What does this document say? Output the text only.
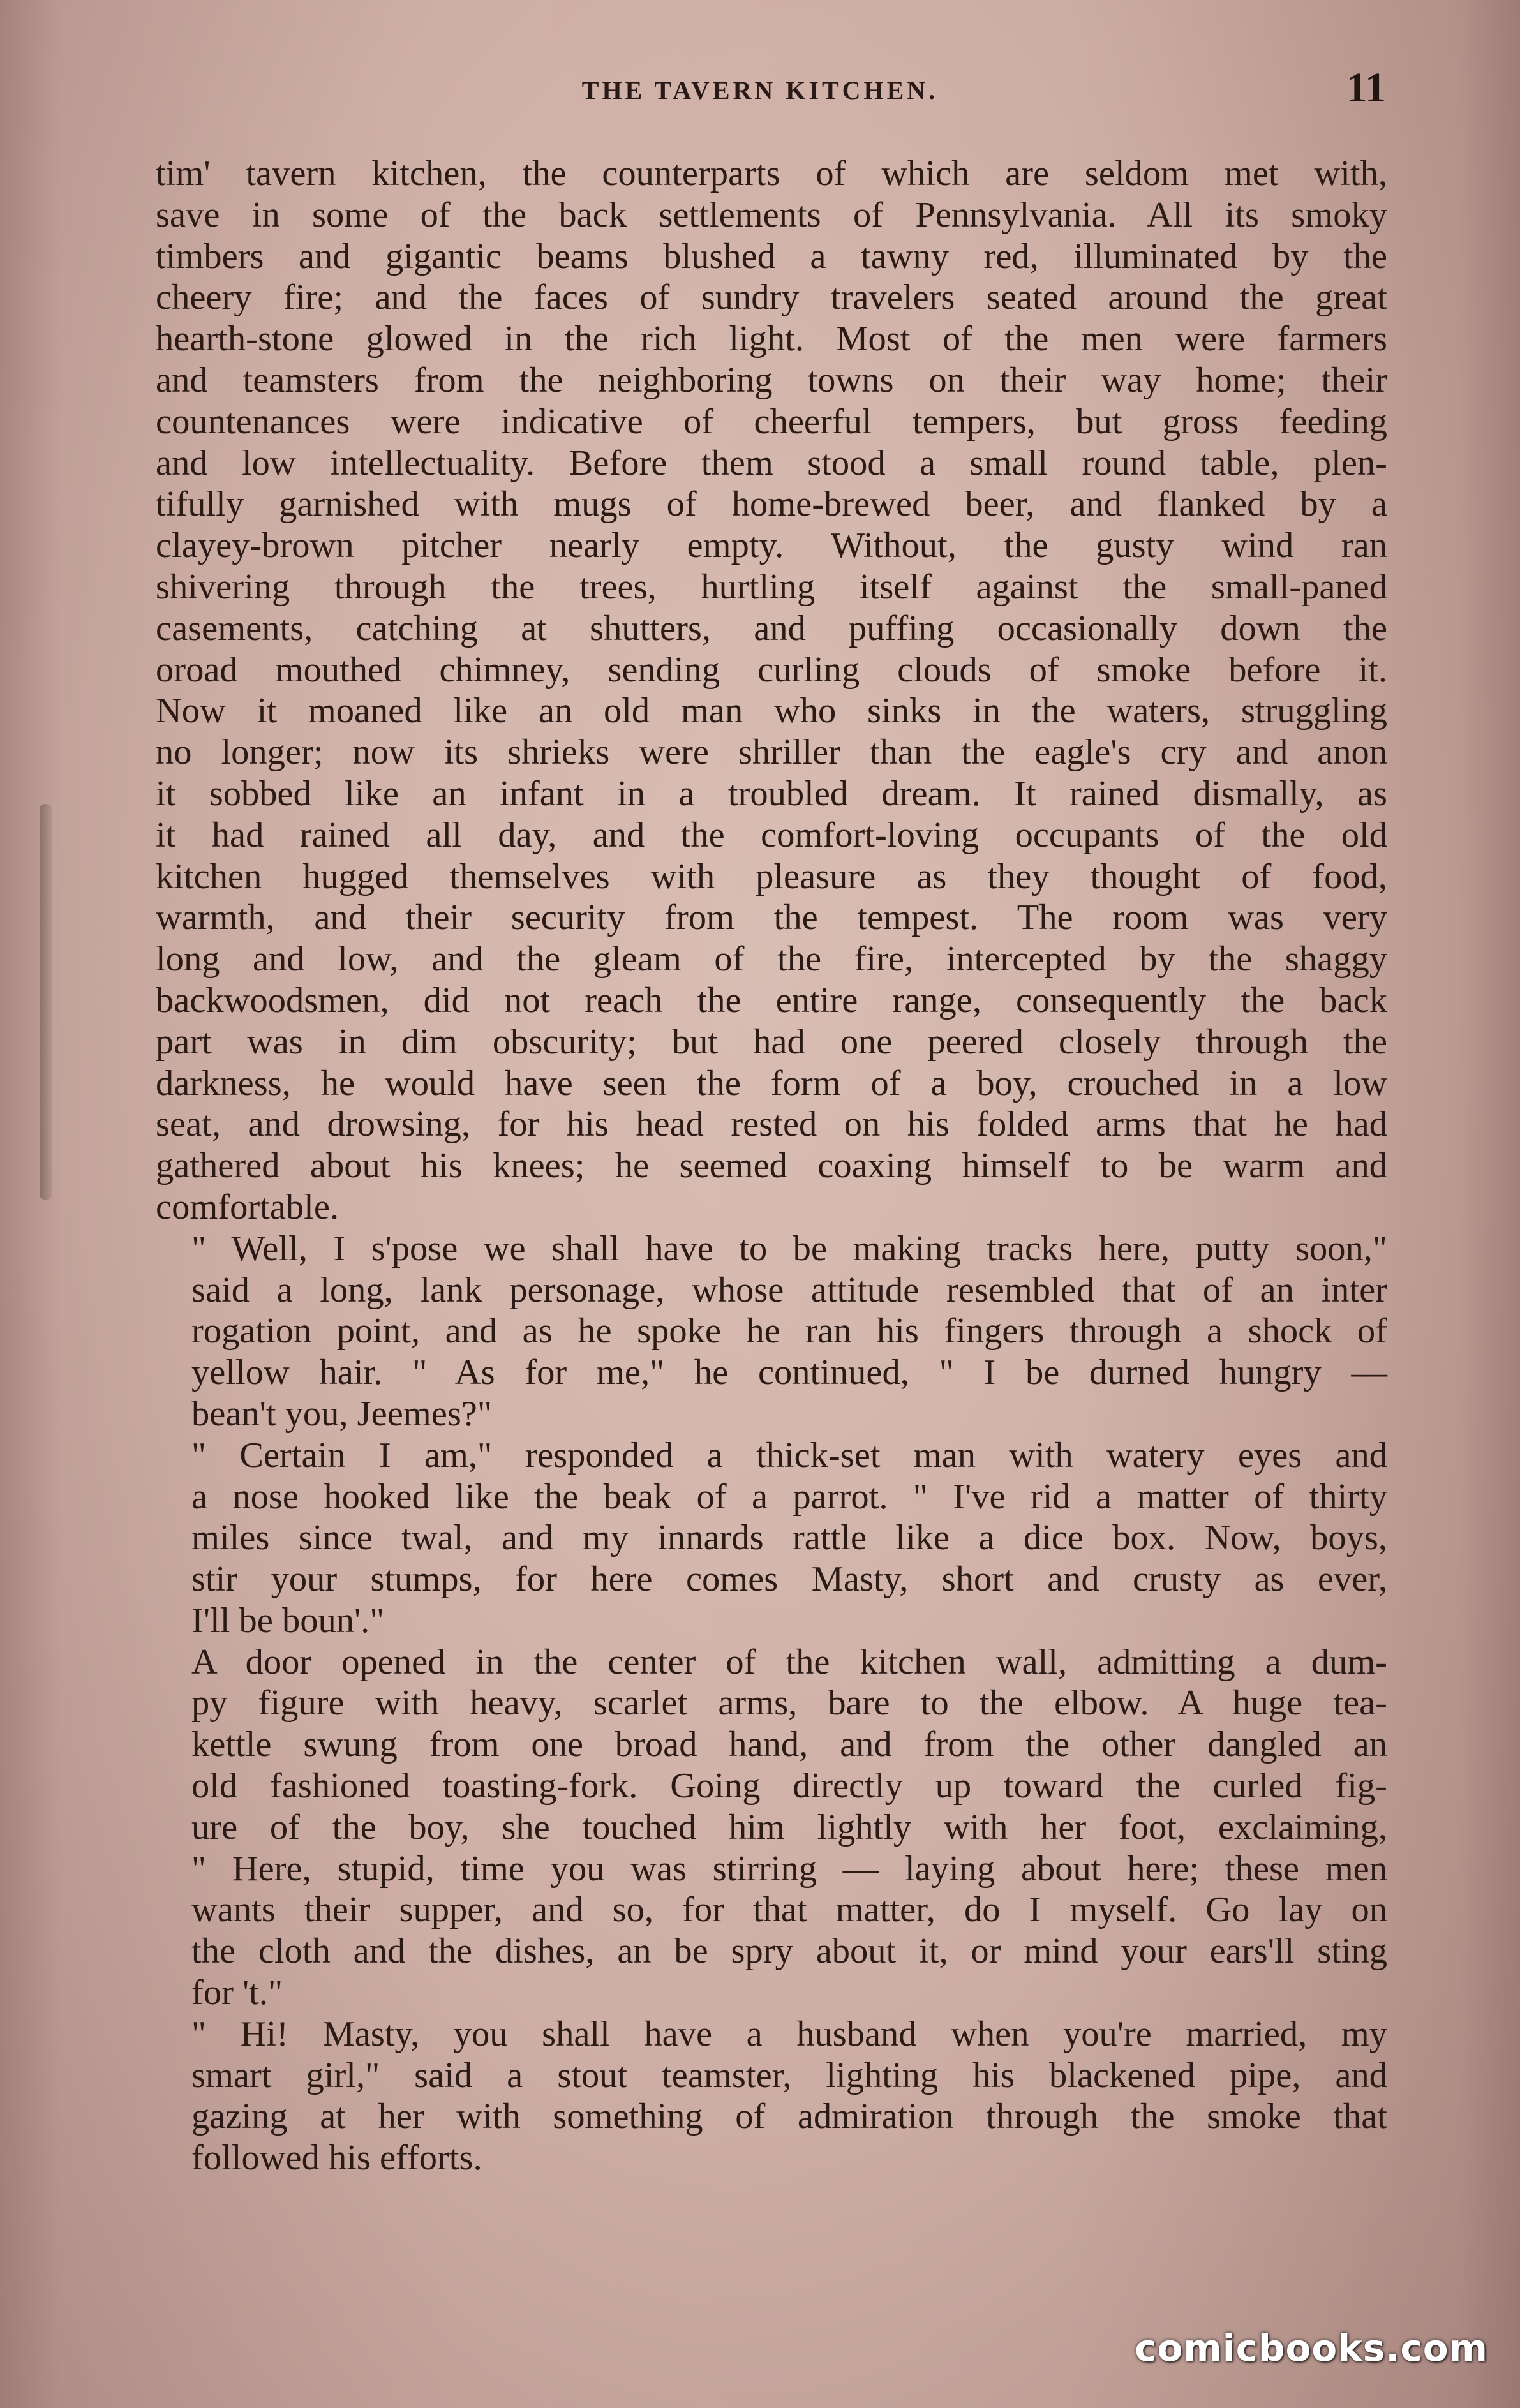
THE TAVERN KITCHEN.	11

tim' tavern kitchen, the counterparts of which are seldom met with,
save in some of the back settlements of Pennsylvania. All its smoky
timbers and gigantic beams blushed a tawny red, illuminated by the
cheery fire; and the faces of sundry travelers seated around the great
hearth-stone glowed in the rich light. Most of the men were farmers
and teamsters from the neighboring towns on their way home; their
countenances were indicative of cheerful tempers, but gross feeding
and low intellectuality. Before them stood a small round table, plen-
tifully garnished with mugs of home-brewed beer, and flanked by a
clayey-brown pitcher nearly empty. Without, the gusty wind ran
shivering through the trees, hurtling itself against the small-paned
casements, catching at shutters, and puffing occasionally down the
oroad mouthed chimney, sending curling clouds of smoke before it.
Now it moaned like an old man who sinks in the waters, struggling
no longer; now its shrieks were shriller than the eagle's cry and anon
it sobbed like an infant in a troubled dream. It rained dismally, as
it had rained all day, and the comfort-loving occupants of the old
kitchen hugged themselves with pleasure as they thought of food,
warmth, and their security from the tempest. The room was very
long and low, and the gleam of the fire, intercepted by the shaggy
backwoodsmen, did not reach the entire range, consequently the back
part was in dim obscurity; but had one peered closely through the
darkness, he would have seen the form of a boy, crouched in a low
seat, and drowsing, for his head rested on his folded arms that he had
gathered about his knees; he seemed coaxing himself to be warm and
comfortable.

" Well, I s'pose we shall have to be making tracks here, putty soon,"
said a long, lank personage, whose attitude resembled that of an inter
rogation point, and as he spoke he ran his fingers through a shock of
yellow hair. " As for me," he continued, " I be durned hungry —
bean't you, Jeemes?"

" Certain I am," responded a thick-set man with watery eyes and
a nose hooked like the beak of a parrot. " I've rid a matter of thirty
miles since twal, and my innards rattle like a dice box. Now, boys,
stir your stumps, for here comes Masty, short and crusty as ever,
I'll be boun'."

A door opened in the center of the kitchen wall, admitting a dum-
py figure with heavy, scarlet arms, bare to the elbow. A huge tea-
kettle swung from one broad hand, and from the other dangled an
old fashioned toasting-fork. Going directly up toward the curled fig-
ure of the boy, she touched him lightly with her foot, exclaiming,
" Here, stupid, time you was stirring — laying about here; these men
wants their supper, and so, for that matter, do I myself. Go lay on
the cloth and the dishes, an be spry about it, or mind your ears'll sting
for 't."

" Hi! Masty, you shall have a husband when you're married, my
smart girl," said a stout teamster, lighting his blackened pipe, and
gazing at her with something of admiration through the smoke that
followed his efforts.

comicbooks.com
